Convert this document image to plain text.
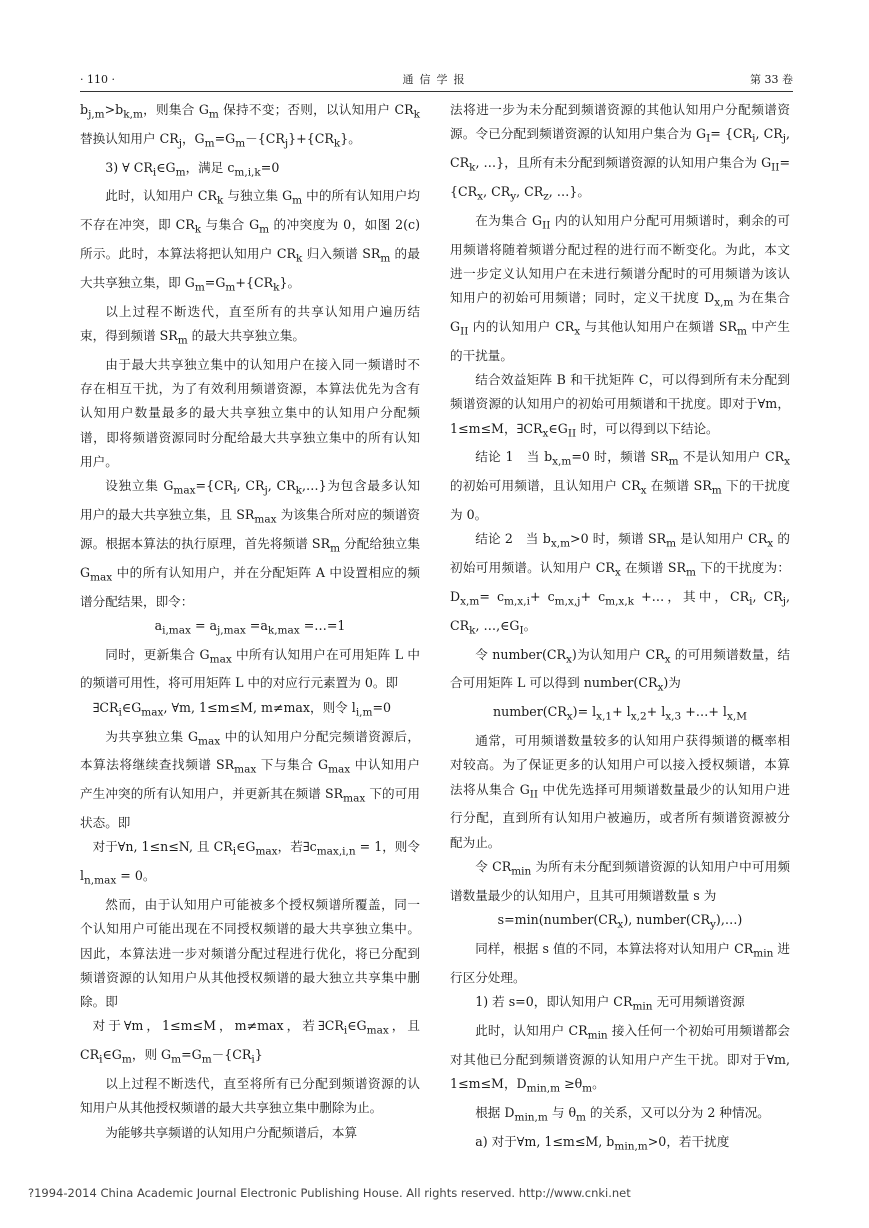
· 110 ·	通信学报	第 33 卷

$b_{j,m}>b_{k,m}$，则集合 $G_m$ 保持不变；否则，以认知用户 $CR_k$ 替换认知用户 $CR_j$，$G_m=G_m-\{CR_j\}+\{CR_k\}$。

3) ∀ $CR_i\in G_m$，满足 $c_{m,i,k}=0$

此时，认知用户 $CR_k$ 与独立集 $G_m$ 中的所有认知用户均不存在冲突，即 $CR_k$ 与集合 $G_m$ 的冲突度为 0，如图 2(c)所示。此时，本算法将把认知用户 $CR_k$ 归入频谱 $SR_m$ 的最大共享独立集，即 $G_m=G_m+\{CR_k\}$。

以上过程不断迭代，直至所有的共享认知用户遍历结束，得到频谱 $SR_m$ 的最大共享独立集。

由于最大共享独立集中的认知用户在接入同一频谱时不存在相互干扰，为了有效利用频谱资源，本算法优先为含有认知用户数量最多的最大共享独立集中的认知用户分配频谱，即将频谱资源同时分配给最大共享独立集中的所有认知用户。

设独立集 $G_{max}=\{CR_i$, $CR_j$, $CR_k,\dots$}为包含最多认知用户的最大共享独立集，且 $SR_{max}$ 为该集合所对应的频谱资源。根据本算法的执行原理，首先将频谱 $SR_m$ 分配给独立集 $G_{max}$ 中的所有认知用户，并在分配矩阵 A 中设置相应的频谱分配结果，即令：

$a_{i,max} = a_{j,max} =a_{k,max}$ =…=1

同时，更新集合 $G_{max}$ 中所有认知用户在可用矩阵 L 中的频谱可用性，将可用矩阵 L 中的对应行元素置为 0。即

$\exists CR_i\in G_{max}$, ∀m, 1≤m≤M, m≠max，则令 $l_{i,m}=0$

为共享独立集 $G_{max}$ 中的认知用户分配完频谱资源后，本算法将继续查找频谱 $SR_{max}$ 下与集合 $G_{max}$ 中认知用户产生冲突的所有认知用户，并更新其在频谱 $SR_{max}$ 下的可用状态。即

对于∀n, 1≤n≤N, 且 $CR_i\in G_{max}$，若$\exists c_{max,i,n} = 1$，则令 $l_{n,max} = 0$。

然而，由于认知用户可能被多个授权频谱所覆盖，同一个认知用户可能出现在不同授权频谱的最大共享独立集中。因此，本算法进一步对频谱分配过程进行优化，将已分配到频谱资源的认知用户从其他授权频谱的最大独立共享集中删除。即

对于∀m，1≤m≤M，m≠max，若$\exists CR_i\in G_{max}$，且 $CR_i\in G_m$，则 $G_m=G_m-\{CR_i\}$

以上过程不断迭代，直至将所有已分配到频谱资源的认知用户从其他授权频谱的最大共享独立集中删除为止。

为能够共享频谱的认知用户分配频谱后，本算

法将进一步为未分配到频谱资源的其他认知用户分配频谱资源。令已分配到频谱资源的认知用户集合为 $G_I= \{CR_i$, $CR_j$, $CR_k$, …}，且所有未分配到频谱资源的认知用户集合为 $G_{II}=\{CR_x$, $CR_y$, $CR_z$, …}。

在为集合 $G_{II}$ 内的认知用户分配可用频谱时，剩余的可用频谱将随着频谱分配过程的进行而不断变化。为此，本文进一步定义认知用户在未进行频谱分配时的可用频谱为该认知用户的初始可用频谱；同时，定义干扰度 $D_{x,m}$ 为在集合 $G_{II}$ 内的认知用户 $CR_x$ 与其他认知用户在频谱 $SR_m$ 中产生的干扰量。

结合效益矩阵 B 和干扰矩阵 C，可以得到所有未分配到频谱资源的认知用户的初始可用频谱和干扰度。即对于∀m，1≤m≤M，$\exists CR_x\in G_{II}$ 时，可以得到以下结论。

结论 1　当 $b_{x,m}=0$ 时，频谱 $SR_m$ 不是认知用户 $CR_x$ 的初始可用频谱，且认知用户 $CR_x$ 在频谱 $SR_m$ 下的干扰度为 0。

结论 2　当 $b_{x,m}>0$ 时，频谱 $SR_m$ 是认知用户 $CR_x$ 的初始可用频谱。认知用户 $CR_x$ 在频谱 $SR_m$ 下的干扰度为：$D_{x,m}= c_{m,x,i}+ c_{m,x,j}+ c_{m,x,k}$ +…，其中，$CR_i$, $CR_j$, $CR_k$, $\dots,\in G_I$。

令 $number(CR_x)$为认知用户 $CR_x$ 的可用频谱数量，结合可用矩阵 L 可以得到 $number(CR_x)$为

$number(CR_x)= l_{x,1}+ l_{x,2}+ l_{x,3}$ +…+ $l_{x,M}$

通常，可用频谱数量较多的认知用户获得频谱的概率相对较高。为了保证更多的认知用户可以接入授权频谱，本算法将从集合 $G_{II}$ 中优先选择可用频谱数量最少的认知用户进行分配，直到所有认知用户被遍历，或者所有频谱资源被分配为止。

令 $CR_{min}$ 为所有未分配到频谱资源的认知用户中可用频谱数量最少的认知用户，且其可用频谱数量 s 为

$s=\min(number(CR_x)$, $number(CR_y),\dots$)

同样，根据 s 值的不同，本算法将对认知用户 $CR_{min}$ 进行区分处理。

1) 若 s=0，即认知用户 $CR_{min}$ 无可用频谱资源

此时，认知用户 $CR_{min}$ 接入任何一个初始可用频谱都会对其他已分配到频谱资源的认知用户产生干扰。即对于∀m, 1≤m≤M，$D_{min,m} \ge\theta_m$。

根据 $D_{min,m}$ 与 $\theta_m$ 的关系，又可以分为 2 种情况。

a) 对于∀m, 1≤m≤M, $b_{min,m}>0$，若干扰度

?1994-2014 China Academic Journal Electronic Publishing House. All rights reserved. http://www.cnki.net
